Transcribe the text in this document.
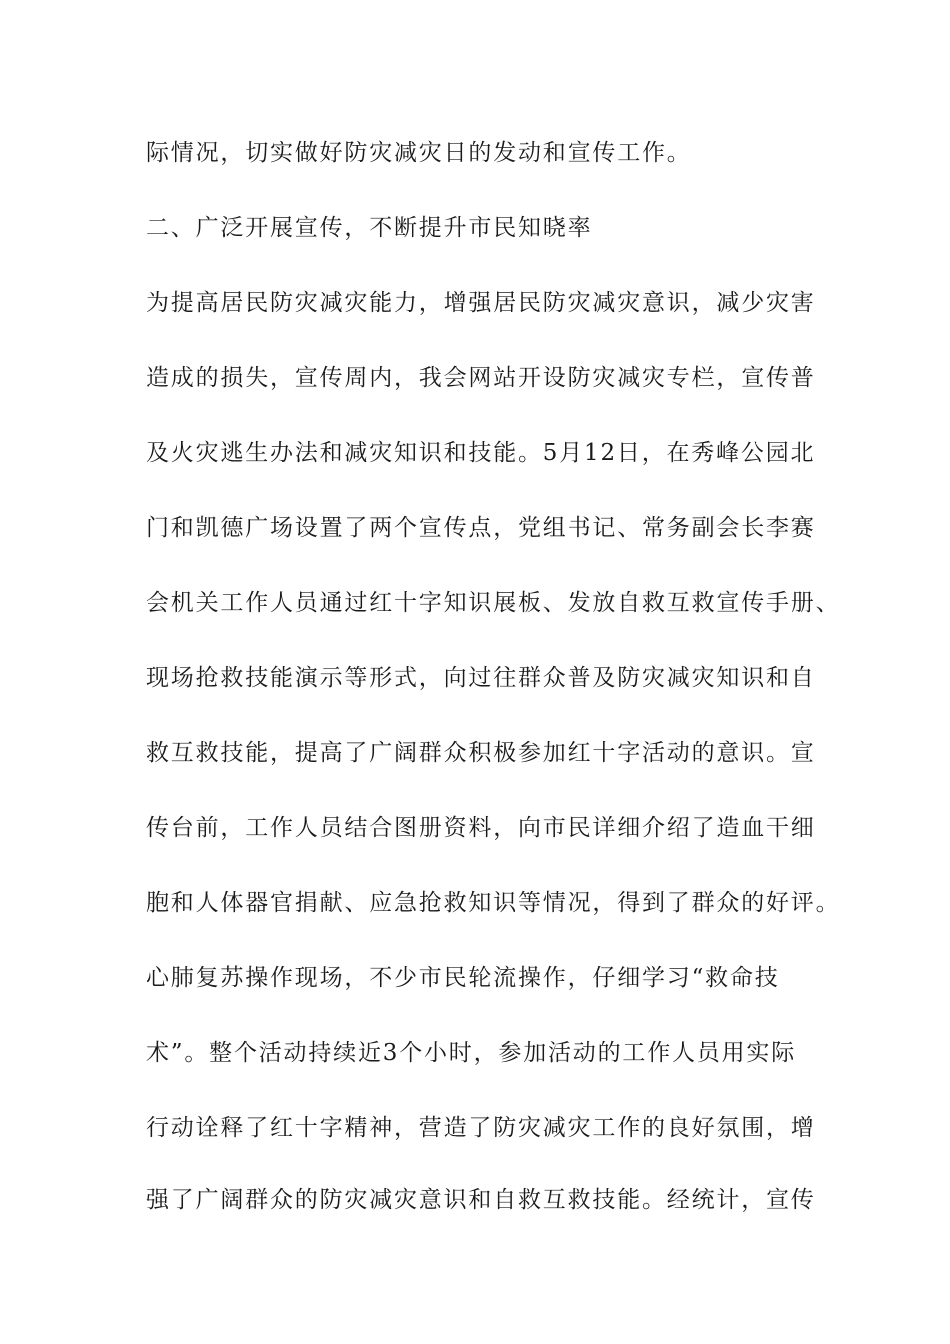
际情况，切实做好防灾减灾日的发动和宣传工作。

二、广泛开展宣传，不断提升市民知晓率

为提高居民防灾减灾能力，增强居民防灾减灾意识，减少灾害

造成的损失，宣传周内，我会网站开设防灾减灾专栏，宣传普

及火灾逃生办法和减灾知识和技能。5月12日，在秀峰公园北

门和凯德广场设置了两个宣传点，党组书记、常务副会长李赛

会机关工作人员通过红十字知识展板、发放自救互救宣传手册、

现场抢救技能演示等形式，向过往群众普及防灾减灾知识和自

救互救技能，提高了广阔群众积极参加红十字活动的意识。宣

传台前，工作人员结合图册资料，向市民详细介绍了造血干细

胞和人体器官捐献、应急抢救知识等情况，得到了群众的好评。

心肺复苏操作现场，不少市民轮流操作，仔细学习“救命技

术”。整个活动持续近3个小时，参加活动的工作人员用实际

行动诠释了红十字精神，营造了防灾减灾工作的良好氛围，增

强了广阔群众的防灾减灾意识和自救互救技能。经统计，宣传
